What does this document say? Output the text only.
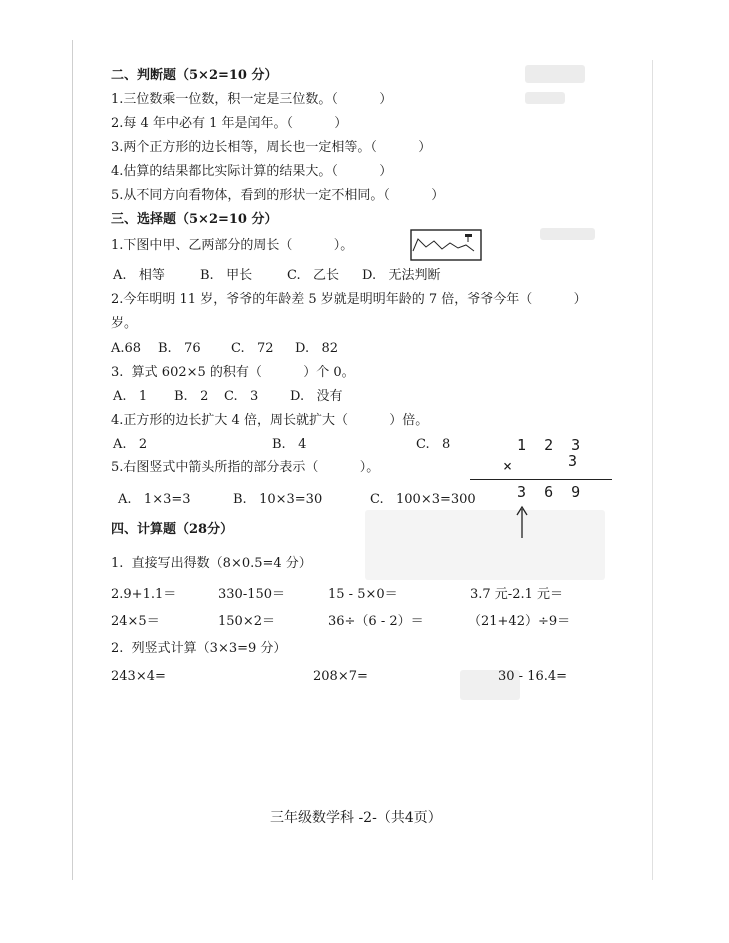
二、判断题（5×2=10 分）
1.三位数乘一位数，积一定是三位数。（          ）
2.每 4 年中必有 1 年是闰年。（          ）
3.两个正方形的边长相等，周长也一定相等。（          ）
4.估算的结果都比实际计算的结果大。（          ）
5.从不同方向看物体，看到的形状一定不相同。（          ）
三、选择题（5×2=10 分）
1.下图中甲、乙两部分的周长（          ）。
A.   相等	B.   甲长	C.   乙长 D.   无法判断
2.今年明明 11 岁，爷爷的年龄差 5 岁就是明明年龄的 7 倍，爷爷今年（          ）
岁。
A.68 B.   76 C.   72 D.   82
3.  算式 602×5 的积有（          ）个 0。
A.   1 B.   2 C.   3 D.   没有
4.正方形的边长扩大 4 倍，周长就扩大（          ）倍。
A.   2	B.   4	C.   8
5.右图竖式中箭头所指的部分表示（          ）。
A.   1×3=3	B.   10×3=30	C.   100×3=300
1  2  3
×	3
3  6  9
四、计算题（28分）
1.  直接写出得数（8×0.5=4 分）
2.9+1.1＝	330-150＝	15 - 5×0＝	3.7 元-2.1 元＝
24×5＝	150×2＝	36÷（6 - 2）＝	（21+42）÷9＝
2.  列竖式计算（3×3=9 分）
243×4=	208×7=	30 - 16.4=
三年级数学科 -2-（共4页）
